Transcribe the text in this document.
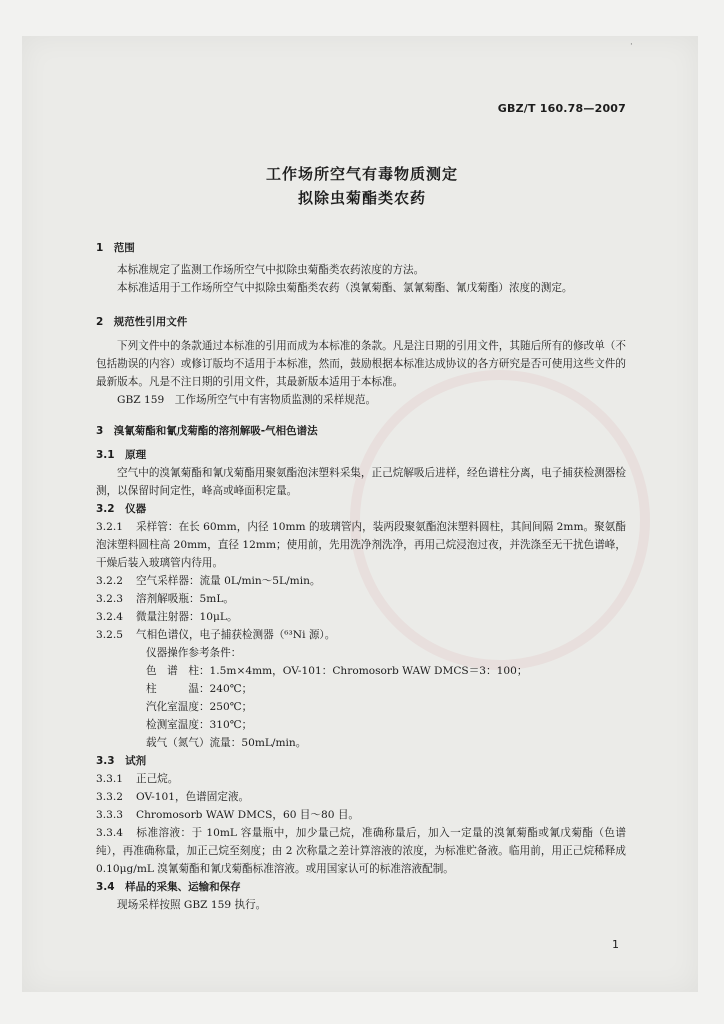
·
GBZ/T 160.78—2007
工作场所空气有毒物质测定
拟除虫菊酯类农药
1　范围
本标准规定了监测工作场所空气中拟除虫菊酯类农药浓度的方法。
本标准适用于工作场所空气中拟除虫菊酯类农药（溴氰菊酯、氯氰菊酯、氰戊菊酯）浓度的测定。
2　规范性引用文件
下列文件中的条款通过本标准的引用而成为本标准的条款。凡是注日期的引用文件，其随后所有的修改单（不包括勘误的内容）或修订版均不适用于本标准，然而，鼓励根据本标准达成协议的各方研究是否可使用这些文件的最新版本。凡是不注日期的引用文件，其最新版本适用于本标准。
GBZ 159　工作场所空气中有害物质监测的采样规范。
3　溴氰菊酯和氰戊菊酯的溶剂解吸-气相色谱法
3.1　原理
空气中的溴氰菊酯和氰戊菊酯用聚氨酯泡沫塑料采集，正己烷解吸后进样，经色谱柱分离，电子捕获检测器检测，以保留时间定性，峰高或峰面积定量。
3.2　仪器
3.2.1 采样管：在长 60mm，内径 10mm 的玻璃管内，装两段聚氨酯泡沫塑料圆柱，其间间隔 2mm。聚氨酯泡沫塑料圆柱高 20mm，直径 12mm；使用前，先用洗净剂洗净，再用己烷浸泡过夜，并洗涤至无干扰色谱峰，干燥后装入玻璃管内待用。
3.2.2 空气采样器：流量 0L/min～5L/min。
3.2.3 溶剂解吸瓶：5mL。
3.2.4 微量注射器：10μL。
3.2.5 气相色谱仪，电子捕获检测器（⁶³Ni 源）。
仪器操作参考条件：
色　谱　柱：1.5m×4mm，OV-101：Chromosorb WAW DMCS＝3：100；
柱　　　温：240℃；
汽化室温度：250℃；
检测室温度：310℃；
载气（氮气）流量：50mL/min。
3.3　试剂
3.3.1 正己烷。
3.3.2 OV-101，色谱固定液。
3.3.3 Chromosorb WAW DMCS，60 目～80 目。
3.3.4 标准溶液：于 10mL 容量瓶中，加少量己烷，准确称量后，加入一定量的溴氰菊酯或氰戊菊酯（色谱纯），再准确称量，加正己烷至刻度；由 2 次称量之差计算溶液的浓度，为标准贮备液。临用前，用正己烷稀释成 0.10μg/mL 溴氰菊酯和氰戊菊酯标准溶液。或用国家认可的标准溶液配制。
3.4　样品的采集、运输和保存
现场采样按照 GBZ 159 执行。
1
